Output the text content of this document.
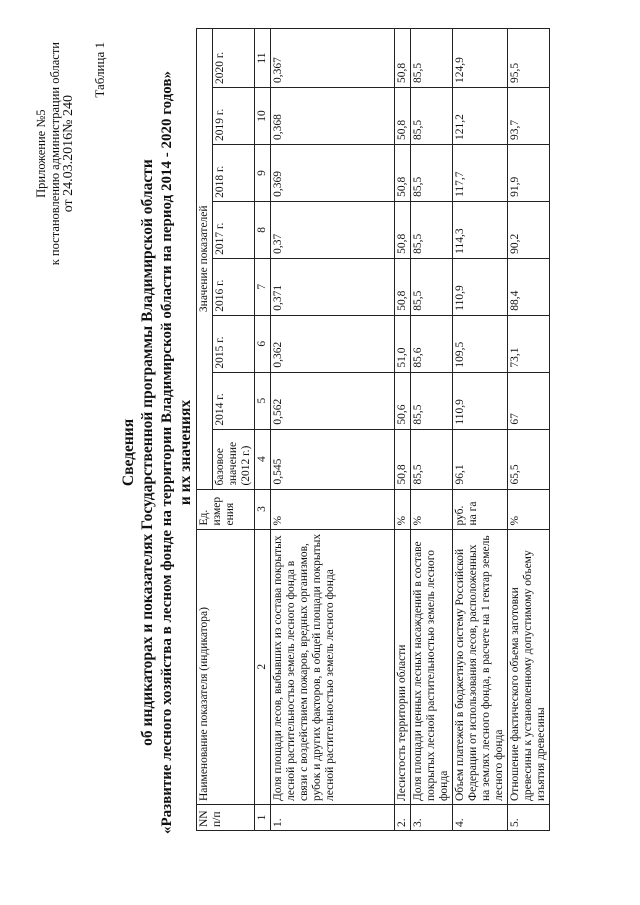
Приложение №5 к постановлению администрации области от 24.03.2016№ 240
Таблица 1
Сведения об индикаторах и показателях Государственной программы Владимирской области «Развитие лесного хозяйства в лесном фонде на территории Владимирской области на период 2014 - 2020 годов» и их значениях
NN п/п	Наименование показателя (индикатора)	Ед. измер ения	Значение показателей							
			базовое значение (2012 г.)	2014 г.	2015 г.	2016 г.	2017 г.	2018 г.	2019 г.	2020 г.
1	2	3	4	5	6	7	8	9	10	11
1.	Доля площади лесов, выбывших из состава покрытых лесной растительностью земель лесного фонда в связи с воздействием пожаров, вредных организмов, рубок и других факторов, в общей площади покрытых лесной растительностью земель лесного фонда	%	0,545	0,562	0,362	0,371	0,37	0,369	0,368	0,367
2.	Лесистость территории области	%	50,8	50,6	51,0	50,8	50,8	50,8	50,8	50,8
3.	Доля площади ценных лесных насаждений в составе покрытых лесной растительностью земель лесного фонда	%	85,5	85,5	85,6	85,5	85,5	85,5	85,5	85,5
4.	Объем платежей в бюджетную систему Российской Федерации от использования лесов, расположенных на землях лесного фонда, в расчете на 1 гектар земель лесного фонда	руб. на га	96,1	110,9	109,5	110,9	114,3	117,7	121,2	124,9
5.	Отношение фактического объема заготовки древесины к установленному допустимому объему изъятия древесины	%	65,5	67	73,1	88,4	90,2	91,9	93,7	95,5
